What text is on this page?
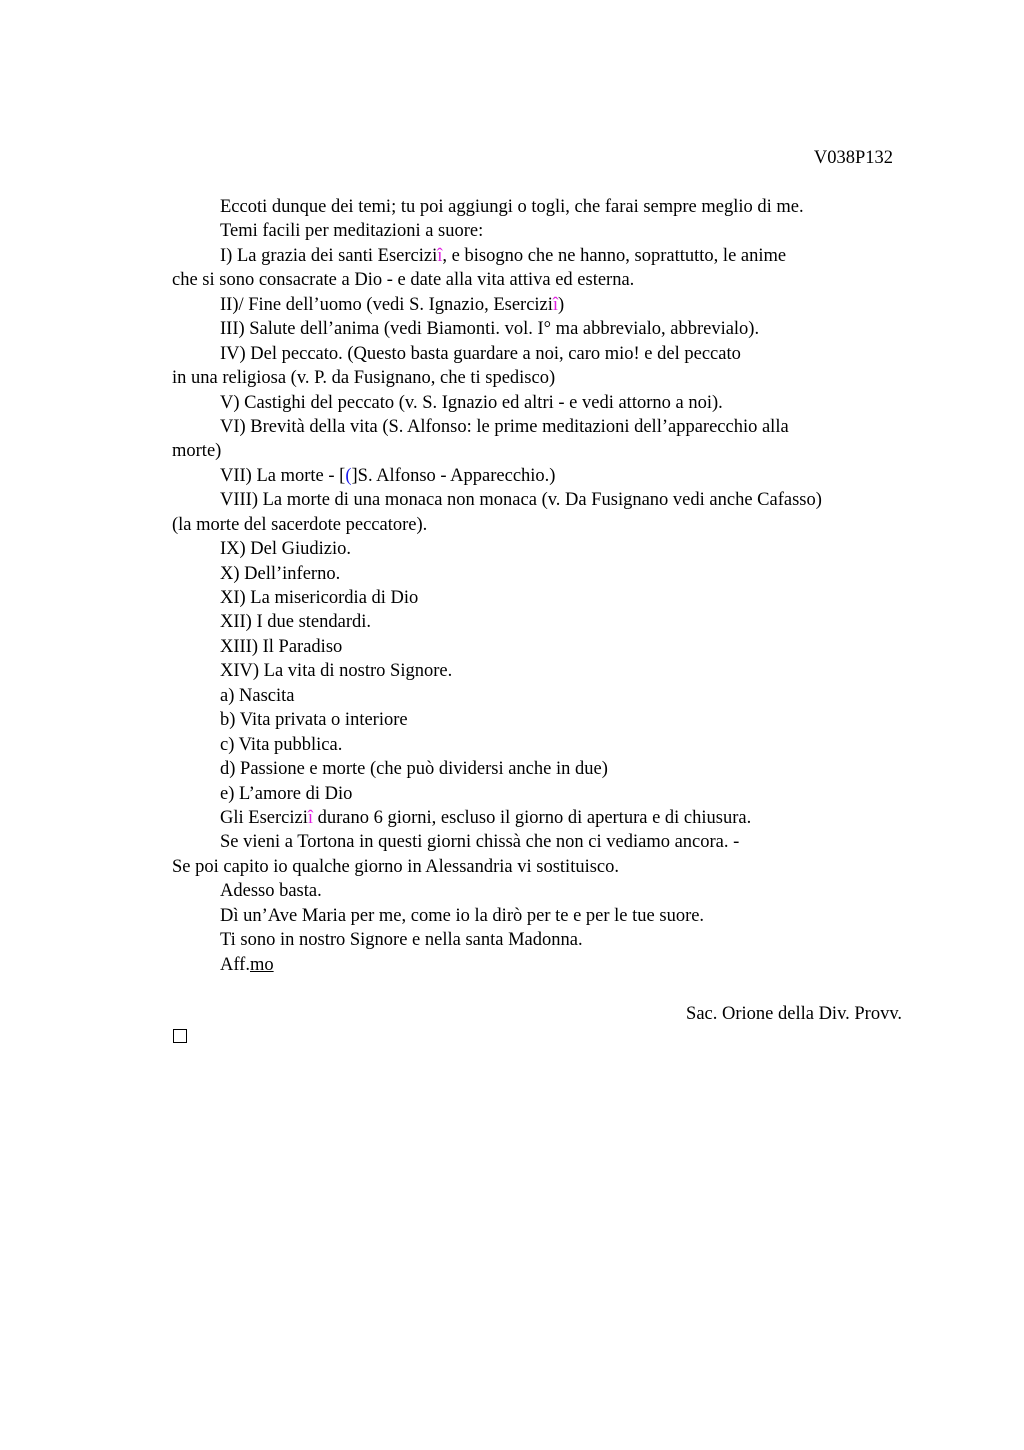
V038P132
Eccoti dunque dei temi; tu poi aggiungi o togli, che farai sempre meglio di me.
Temi facili per meditazioni a suore:
I) La grazia dei santi Eserciziî, e bisogno che ne hanno, soprattutto, le anime
che si sono consacrate a Dio - e date alla vita attiva ed esterna.
II)/ Fine dell’uomo (vedi S. Ignazio, Eserciziî)
III) Salute dell’anima (vedi Biamonti. vol. I° ma abbrevialo, abbrevialo).
IV) Del peccato. (Questo basta guardare a noi, caro mio! e del peccato
in una religiosa (v. P. da Fusignano, che ti spedisco)
V) Castighi del peccato (v. S. Ignazio ed altri - e vedi attorno a noi).
VI) Brevità della vita (S. Alfonso: le prime meditazioni dell’apparecchio alla
morte)
VII) La morte - [(]S. Alfonso - Apparecchio.)
VIII) La morte di una monaca non monaca (v. Da Fusignano vedi anche Cafasso)
(la morte del sacerdote peccatore).
IX) Del Giudizio.
X) Dell’inferno.
XI) La misericordia di Dio
XII) I due stendardi.
XIII) Il Paradiso
XIV) La vita di nostro Signore.
a) Nascita
b) Vita privata o interiore
c) Vita pubblica.
d) Passione e morte (che può dividersi anche in due)
e) L’amore di Dio
Gli Eserciziî durano 6 giorni, escluso il giorno di apertura e di chiusura.
Se vieni a Tortona in questi giorni chissà che non ci vediamo ancora. -
Se poi capito io qualche giorno in Alessandria vi sostituisco.
Adesso basta.
Dì un’Ave Maria per me, come io la dirò per te e per le tue suore.
Ti sono in nostro Signore e nella santa Madonna.
Aff.mo
Sac. Orione della Div. Provv.
